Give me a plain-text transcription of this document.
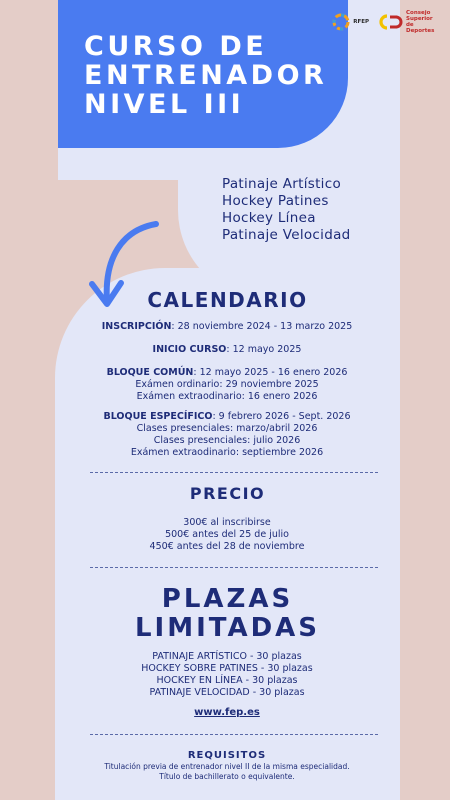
CURSO DE
ENTRENADOR
NIVEL III
RFEP
Consejo
Superior
de Deportes
Patinaje Artístico
Hockey Patines
Hockey Línea
Patinaje Velocidad
CALENDARIO
INSCRIPCIÓN: 28 noviembre 2024 - 13 marzo 2025
INICIO CURSO: 12 mayo 2025
BLOQUE COMÚN: 12 mayo 2025 - 16 enero 2026
Exámen ordinario: 29 noviembre 2025
Exámen extraodinario: 16 enero 2026
BLOQUE ESPECÍFICO: 9 febrero 2026 - Sept. 2026
Clases presenciales: marzo/abril 2026
Clases presenciales: julio 2026
Exámen extraodinario: septiembre 2026
PRECIO
300€ al inscribirse
500€ antes del 25 de julio
450€ antes del 28 de noviembre
PLAZAS
LIMITADAS
PATINAJE ARTÍSTICO - 30 plazas
HOCKEY SOBRE PATINES - 30 plazas
HOCKEY EN LÍNEA - 30 plazas
PATINAJE VELOCIDAD - 30 plazas
www.fep.es
REQUISITOS
Titulación previa de entrenador nivel II de la misma especialidad.
Título de bachillerato o equivalente.
